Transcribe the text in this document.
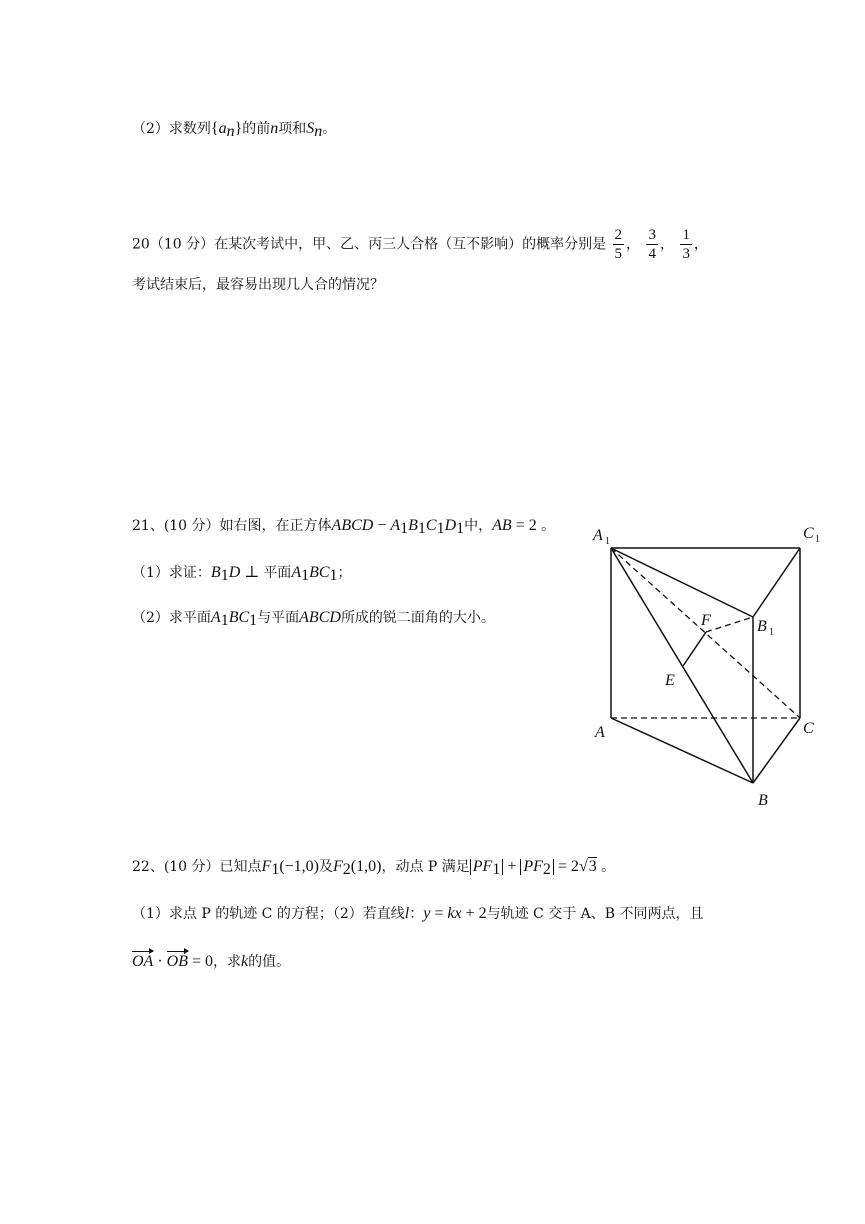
（2）求数列$\{a_n\}$的前n项和$S_n$。
20（10 分）在某次考试中，甲、乙、丙三人合格（互不影响）的概率分别是 $\frac{2}{5}$ ， $\frac{3}{4}$ ， $\frac{1}{3}$ ，
考试结束后，最容易出现几人合的情况？
21、(10 分）如右图，在正方体ABCD − $A_1B_1C_1D_1$中，AB = 2 。
（1）求证：$B_1D$ ⊥ 平面$A_1BC_1$；
（2）求平面$A_1BC_1$与平面ABCD所成的锐二面角的大小。
A 1	C 1
B 1
F
E
A	C
B
22、(10 分）已知点$F_1(-1,0)$及$F_2(1,0)$，动点 P 满足 $PF_1 + PF_2 = 2√3$ 。
（1）求点 P 的轨迹 C 的方程；（2）若直线l：y = kx + 2与轨迹 C 交于 A、B 不同两点，且
OA · OB = 0，求k的值。
